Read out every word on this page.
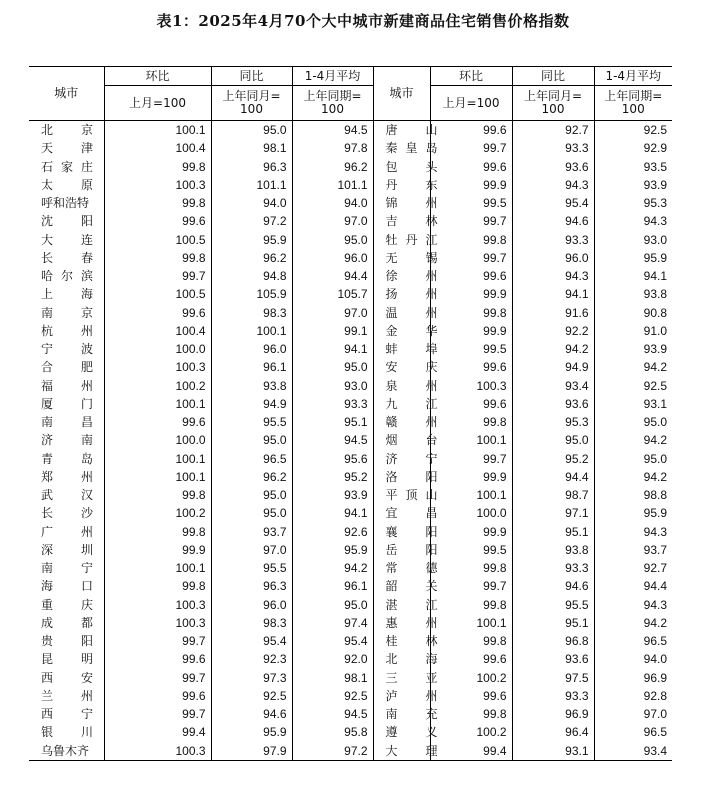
表1：2025年4月70个大中城市新建商品住宅销售价格指数
城市	环比	同比	1-4月平均	城市	环比	同比	1-4月平均
	上月=100	上年同月=100	上年同期=100		上月=100	上年同月=100	上年同期=100

北京	100.1	95.0	94.5	唐山	99.6	92.7	92.5
天津	100.4	98.1	97.8	秦皇岛	99.7	93.3	92.9
石家庄	99.8	96.3	96.2	包头	99.6	93.6	93.5
太原	100.3	101.1	101.1	丹东	99.9	94.3	93.9
呼和浩特	99.8	94.0	94.0	锦州	99.5	95.4	95.3
沈阳	99.6	97.2	97.0	吉林	99.7	94.6	94.3
大连	100.5	95.9	95.0	牡丹江	99.8	93.3	93.0
长春	99.8	96.2	96.0	无锡	99.7	96.0	95.9
哈尔滨	99.7	94.8	94.4	徐州	99.6	94.3	94.1
上海	100.5	105.9	105.7	扬州	99.9	94.1	93.8
南京	99.6	98.3	97.0	温州	99.8	91.6	90.8
杭州	100.4	100.1	99.1	金华	99.9	92.2	91.0
宁波	100.0	96.0	94.1	蚌埠	99.5	94.2	93.9
合肥	100.3	96.1	95.0	安庆	99.6	94.9	94.2
福州	100.2	93.8	93.0	泉州	100.3	93.4	92.5
厦门	100.1	94.9	93.3	九江	99.6	93.6	93.1
南昌	99.6	95.5	95.1	赣州	99.8	95.3	95.0
济南	100.0	95.0	94.5	烟台	100.1	95.0	94.2
青岛	100.1	96.5	95.6	济宁	99.7	95.2	95.0
郑州	100.1	96.2	95.2	洛阳	99.9	94.4	94.2
武汉	99.8	95.0	93.9	平顶山	100.1	98.7	98.8
长沙	100.2	95.0	94.1	宜昌	100.0	97.1	95.9
广州	99.8	93.7	92.6	襄阳	99.9	95.1	94.3
深圳	99.9	97.0	95.9	岳阳	99.5	93.8	93.7
南宁	100.1	95.5	94.2	常德	99.8	93.3	92.7
海口	99.8	96.3	96.1	韶关	99.7	94.6	94.4
重庆	100.3	96.0	95.0	湛江	99.8	95.5	94.3
成都	100.3	98.3	97.4	惠州	100.1	95.1	94.2
贵阳	99.7	95.4	95.4	桂林	99.8	96.8	96.5
昆明	99.6	92.3	92.0	北海	99.6	93.6	94.0
西安	99.7	97.3	98.1	三亚	100.2	97.5	96.9
兰州	99.6	92.5	92.5	泸州	99.6	93.3	92.8
西宁	99.7	94.6	94.5	南充	99.8	96.9	97.0
银川	99.4	95.9	95.8	遵义	100.2	96.4	96.5
乌鲁木齐	100.3	97.9	97.2	大理	99.4	93.1	93.4
